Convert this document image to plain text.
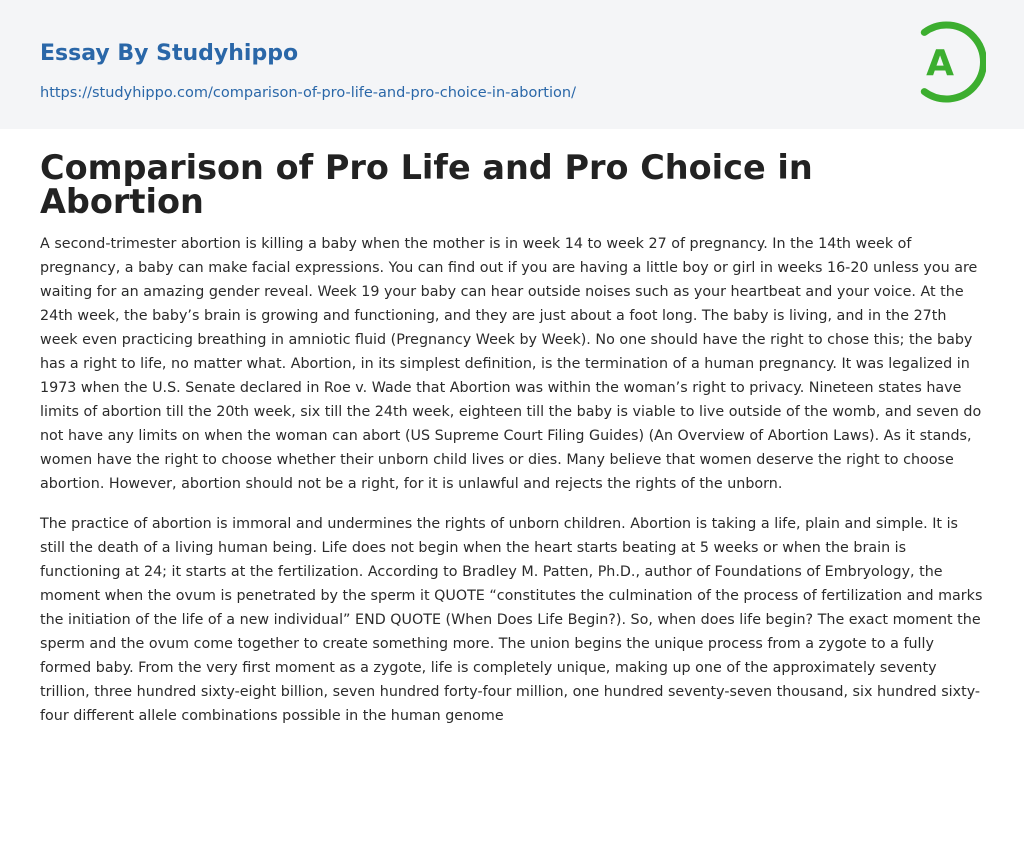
Essay By Studyhippo
https://studyhippo.com/comparison-of-pro-life-and-pro-choice-in-abortion/
A
Comparison of Pro Life and Pro Choice in Abortion

A second-trimester abortion is killing a baby when the mother is in week 14 to week 27 of pregnancy. In the 14th week of pregnancy, a baby can make facial expressions. You can find out if you are having a little boy or girl in weeks 16-20 unless you are waiting for an amazing gender reveal. Week 19 your baby can hear outside noises such as your heartbeat and your voice. At the 24th week, the baby’s brain is growing and functioning, and they are just about a foot long. The baby is living, and in the 27th week even practicing breathing in amniotic fluid (Pregnancy Week by Week). No one should have the right to chose this; the baby has a right to life, no matter what. Abortion, in its simplest definition, is the termination of a human pregnancy. It was legalized in 1973 when the U.S. Senate declared in Roe v. Wade that Abortion was within the woman’s right to privacy. Nineteen states have limits of abortion till the 20th week, six till the 24th week, eighteen till the baby is viable to live outside of the womb, and seven do not have any limits on when the woman can abort (US Supreme Court Filing Guides) (An Overview of Abortion Laws). As it stands, women have the right to choose whether their unborn child lives or dies. Many believe that women deserve the right to choose abortion. However, abortion should not be a right, for it is unlawful and rejects the rights of the unborn.

The practice of abortion is immoral and undermines the rights of unborn children. Abortion is taking a life, plain and simple. It is still the death of a living human being. Life does not begin when the heart starts beating at 5 weeks or when the brain is functioning at 24; it starts at the fertilization. According to Bradley M. Patten, Ph.D., author of Foundations of Embryology, the moment when the ovum is penetrated by the sperm it QUOTE “constitutes the culmination of the process of fertilization and marks the initiation of the life of a new individual” END QUOTE (When Does Life Begin?). So, when does life begin? The exact moment the sperm and the ovum come together to create something more. The union begins the unique process from a zygote to a fully formed baby. From the very first moment as a zygote, life is completely unique, making up one of the approximately seventy trillion, three hundred sixty-eight billion, seven hundred forty-four million, one hundred seventy-seven thousand, six hundred sixty-four different allele combinations possible in the human genome
